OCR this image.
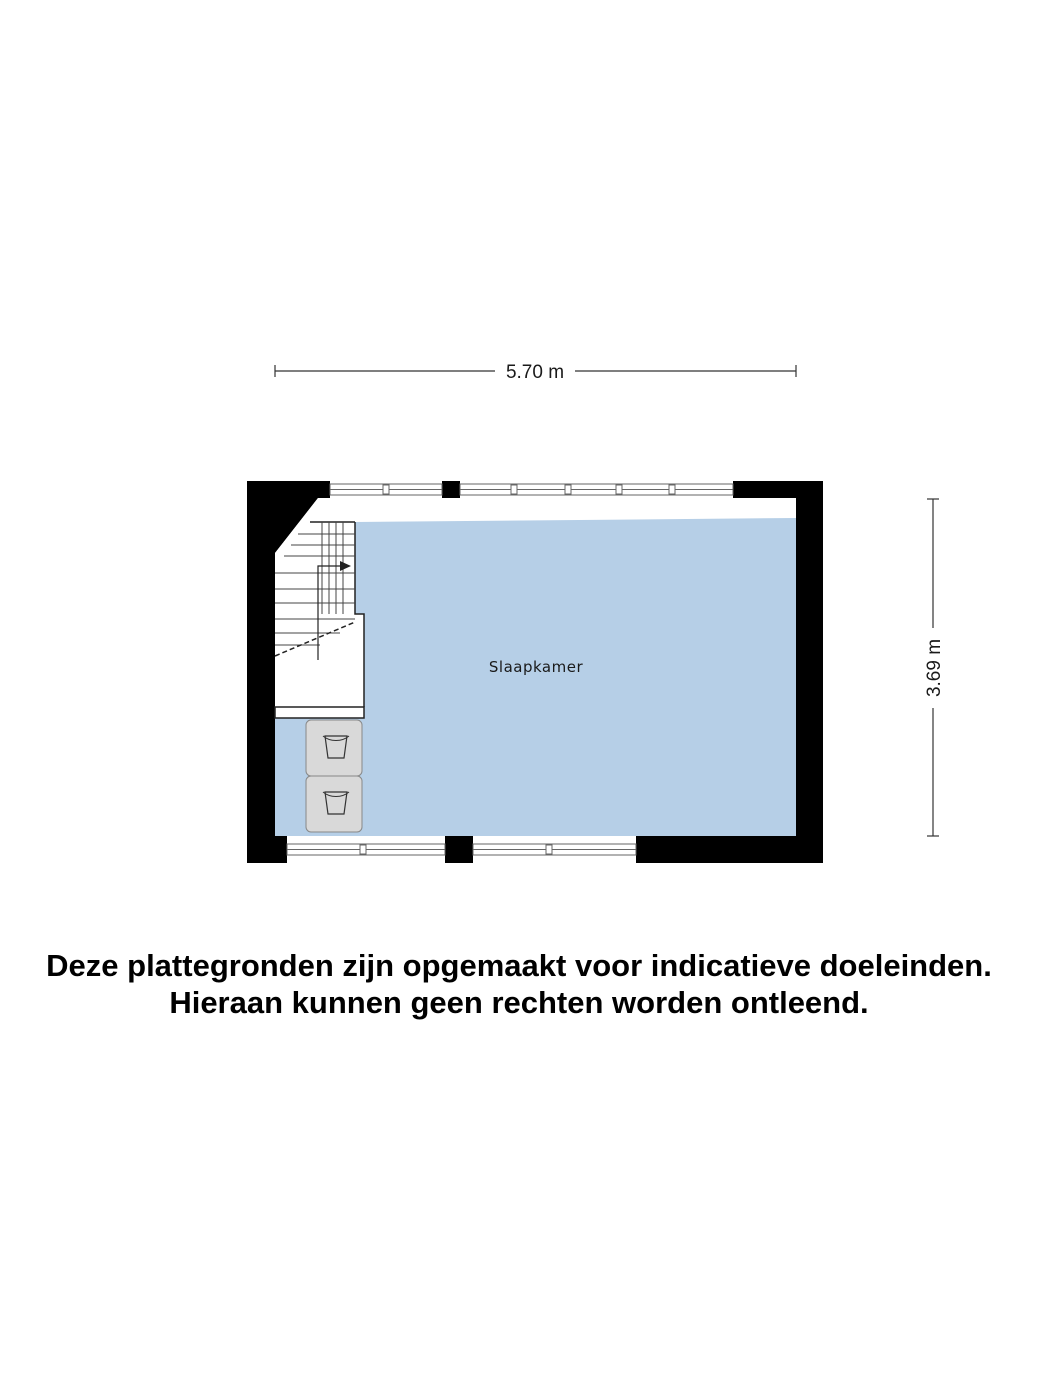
5.70 m
3.69 m
Slaapkamer
Deze plattegronden zijn opgemaakt voor indicatieve doeleinden.
Hieraan kunnen geen rechten worden ontleend.
